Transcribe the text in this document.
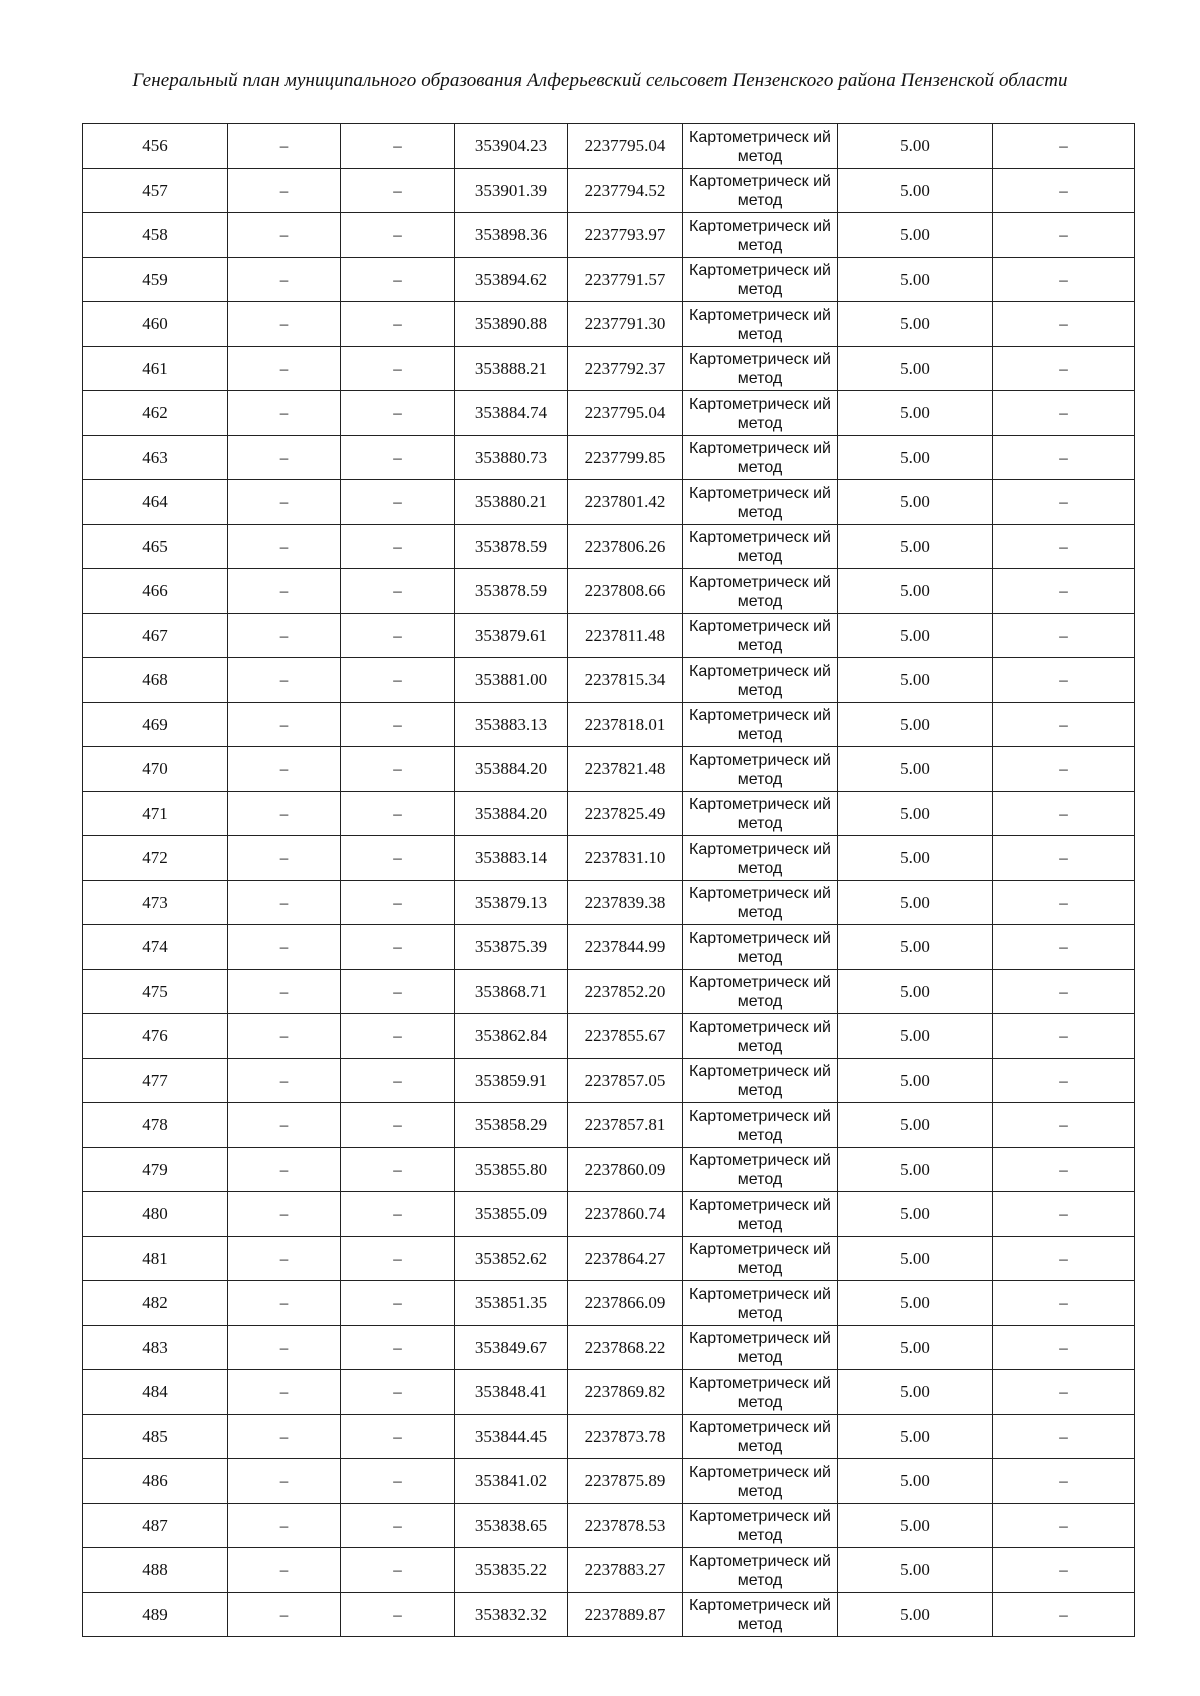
Генеральный план муниципального образования Алферьевский сельсовет Пензенского района Пензенской области
456	–	–	353904.23	2237795.04	Картометрическ ий метод	5.00	–
457	–	–	353901.39	2237794.52	Картометрическ ий метод	5.00	–
458	–	–	353898.36	2237793.97	Картометрическ ий метод	5.00	–
459	–	–	353894.62	2237791.57	Картометрическ ий метод	5.00	–
460	–	–	353890.88	2237791.30	Картометрическ ий метод	5.00	–
461	–	–	353888.21	2237792.37	Картометрическ ий метод	5.00	–
462	–	–	353884.74	2237795.04	Картометрическ ий метод	5.00	–
463	–	–	353880.73	2237799.85	Картометрическ ий метод	5.00	–
464	–	–	353880.21	2237801.42	Картометрическ ий метод	5.00	–
465	–	–	353878.59	2237806.26	Картометрическ ий метод	5.00	–
466	–	–	353878.59	2237808.66	Картометрическ ий метод	5.00	–
467	–	–	353879.61	2237811.48	Картометрическ ий метод	5.00	–
468	–	–	353881.00	2237815.34	Картометрическ ий метод	5.00	–
469	–	–	353883.13	2237818.01	Картометрическ ий метод	5.00	–
470	–	–	353884.20	2237821.48	Картометрическ ий метод	5.00	–
471	–	–	353884.20	2237825.49	Картометрическ ий метод	5.00	–
472	–	–	353883.14	2237831.10	Картометрическ ий метод	5.00	–
473	–	–	353879.13	2237839.38	Картометрическ ий метод	5.00	–
474	–	–	353875.39	2237844.99	Картометрическ ий метод	5.00	–
475	–	–	353868.71	2237852.20	Картометрическ ий метод	5.00	–
476	–	–	353862.84	2237855.67	Картометрическ ий метод	5.00	–
477	–	–	353859.91	2237857.05	Картометрическ ий метод	5.00	–
478	–	–	353858.29	2237857.81	Картометрическ ий метод	5.00	–
479	–	–	353855.80	2237860.09	Картометрическ ий метод	5.00	–
480	–	–	353855.09	2237860.74	Картометрическ ий метод	5.00	–
481	–	–	353852.62	2237864.27	Картометрическ ий метод	5.00	–
482	–	–	353851.35	2237866.09	Картометрическ ий метод	5.00	–
483	–	–	353849.67	2237868.22	Картометрическ ий метод	5.00	–
484	–	–	353848.41	2237869.82	Картометрическ ий метод	5.00	–
485	–	–	353844.45	2237873.78	Картометрическ ий метод	5.00	–
486	–	–	353841.02	2237875.89	Картометрическ ий метод	5.00	–
487	–	–	353838.65	2237878.53	Картометрическ ий метод	5.00	–
488	–	–	353835.22	2237883.27	Картометрическ ий метод	5.00	–
489	–	–	353832.32	2237889.87	Картометрическ ий метод	5.00	–
